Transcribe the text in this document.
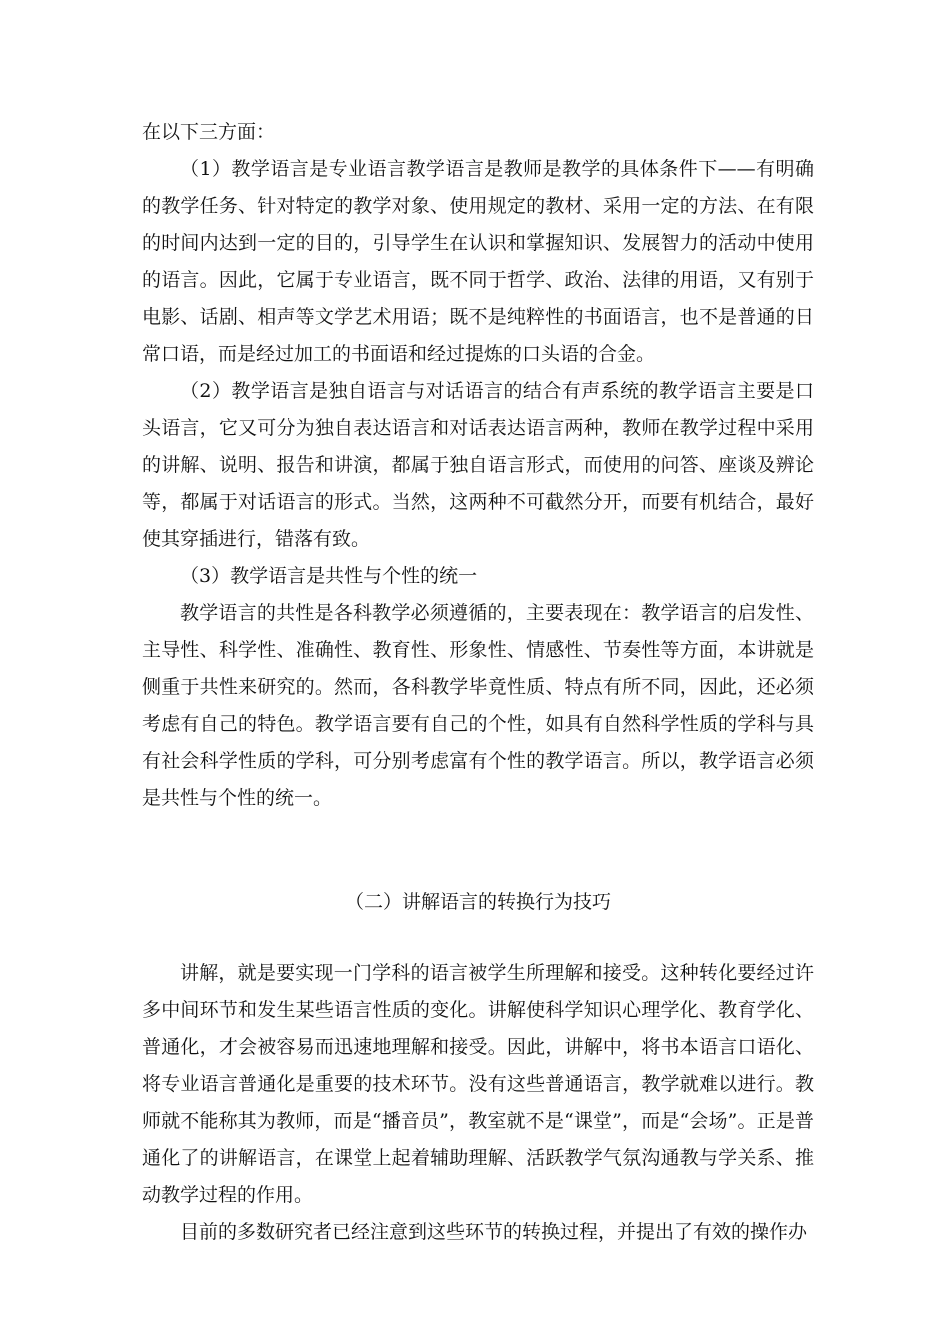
在以下三方面：

（1）教学语言是专业语言教学语言是教师是教学的具体条件下——有明确的教学任务、针对特定的教学对象、使用规定的教材、采用一定的方法、在有限的时间内达到一定的目的，引导学生在认识和掌握知识、发展智力的活动中使用的语言。因此，它属于专业语言，既不同于哲学、政治、法律的用语，又有别于电影、话剧、相声等文学艺术用语；既不是纯粹性的书面语言，也不是普通的日常口语，而是经过加工的书面语和经过提炼的口头语的合金。

（2）教学语言是独自语言与对话语言的结合有声系统的教学语言主要是口头语言，它又可分为独自表达语言和对话表达语言两种，教师在教学过程中采用的讲解、说明、报告和讲演，都属于独自语言形式，而使用的问答、座谈及辨论等，都属于对话语言的形式。当然，这两种不可截然分开，而要有机结合，最好使其穿插进行，错落有致。

（3）教学语言是共性与个性的统一

教学语言的共性是各科教学必须遵循的，主要表现在：教学语言的启发性、主导性、科学性、准确性、教育性、形象性、情感性、节奏性等方面，本讲就是侧重于共性来研究的。然而，各科教学毕竟性质、特点有所不同，因此，还必须考虑有自己的特色。教学语言要有自己的个性，如具有自然科学性质的学科与具有社会科学性质的学科，可分别考虑富有个性的教学语言。所以，教学语言必须是共性与个性的统一。

（二）讲解语言的转换行为技巧

讲解，就是要实现一门学科的语言被学生所理解和接受。这种转化要经过许多中间环节和发生某些语言性质的变化。讲解使科学知识心理学化、教育学化、普通化，才会被容易而迅速地理解和接受。因此，讲解中，将书本语言口语化、将专业语言普通化是重要的技术环节。没有这些普通语言，教学就难以进行。教师就不能称其为教师，而是“播音员”，教室就不是“课堂”，而是“会场”。正是普通化了的讲解语言，在课堂上起着辅助理解、活跃教学气氛沟通教与学关系、推动教学过程的作用。

目前的多数研究者已经注意到这些环节的转换过程，并提出了有效的操作办
